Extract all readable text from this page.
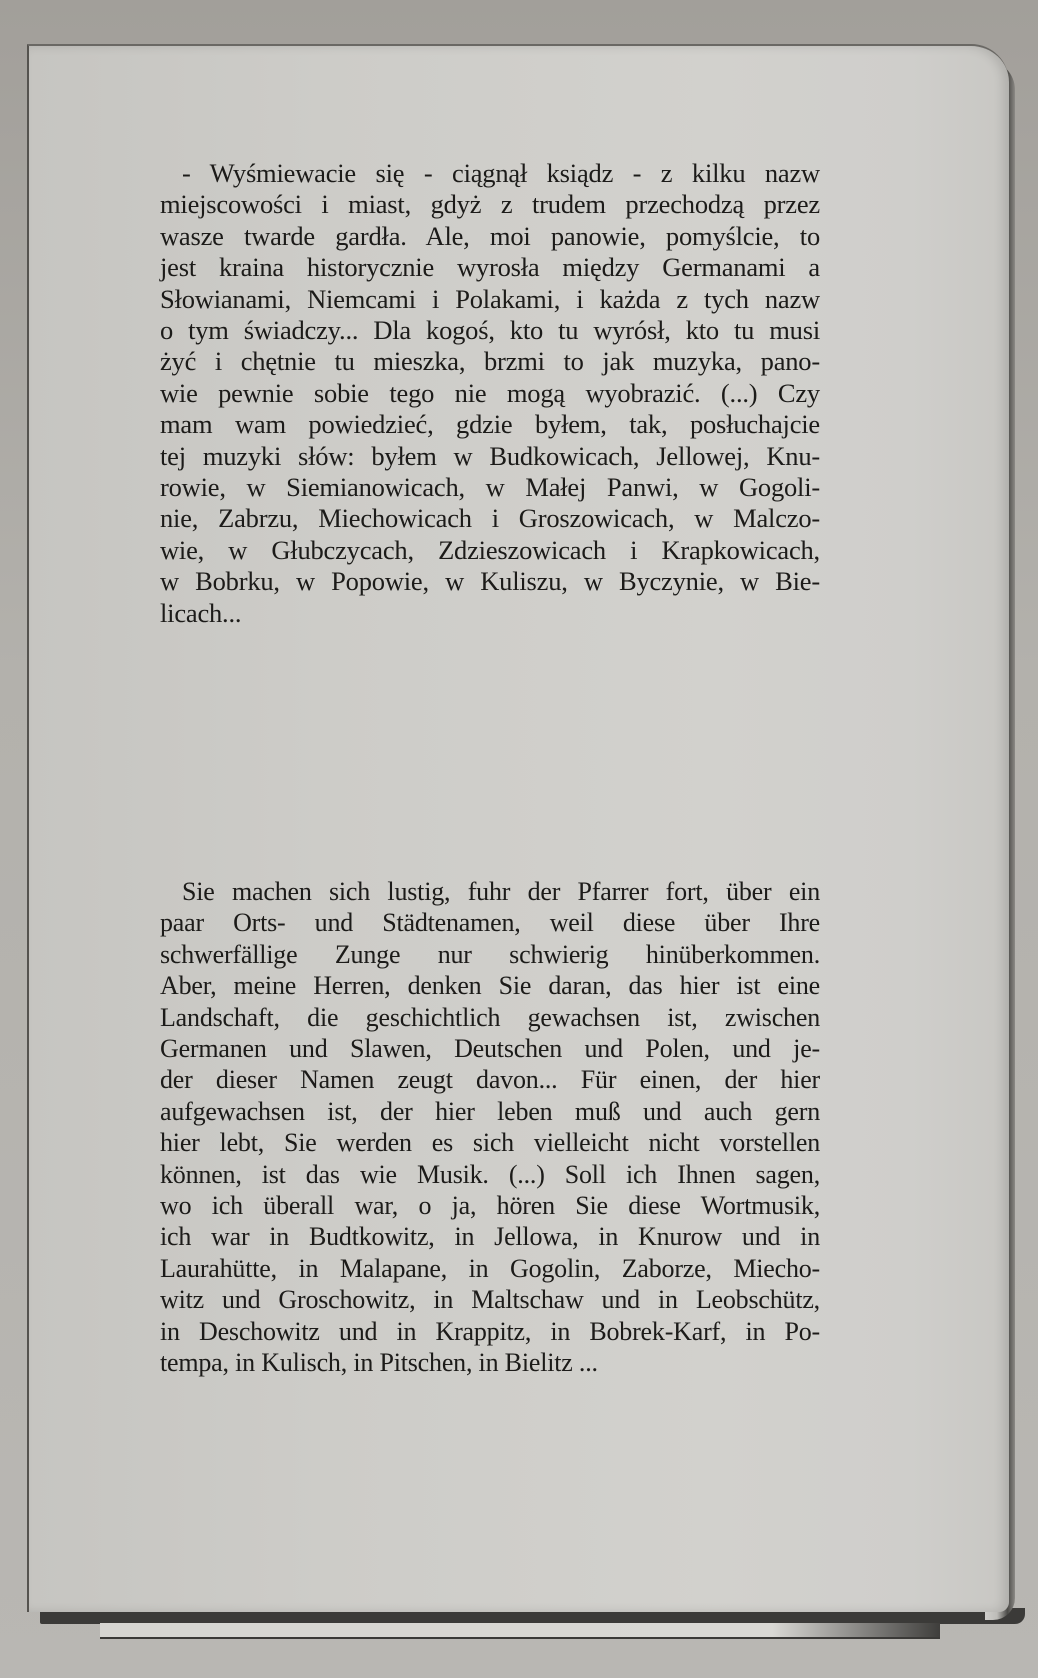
- Wyśmiewacie się - ciągnął ksiądz - z kilku nazw
miejscowości i miast, gdyż z trudem przechodzą przez
wasze twarde gardła. Ale, moi panowie, pomyślcie, to
jest kraina historycznie wyrosła między Germanami a
Słowianami, Niemcami i Polakami, i każda z tych nazw
o tym świadczy... Dla kogoś, kto tu wyrósł, kto tu musi
żyć i chętnie tu mieszka, brzmi to jak muzyka, pano-
wie pewnie sobie tego nie mogą wyobrazić. (...) Czy
mam wam powiedzieć, gdzie byłem, tak, posłuchajcie
tej muzyki słów: byłem w Budkowicach, Jellowej, Knu-
rowie, w Siemianowicach, w Małej Panwi, w Gogoli-
nie, Zabrzu, Miechowicach i Groszowicach, w Malczo-
wie, w Głubczycach, Zdzieszowicach i Krapkowicach,
w Bobrku, w Popowie, w Kuliszu, w Byczynie, w Bie-
licach...
Sie machen sich lustig, fuhr der Pfarrer fort, über ein
paar Orts- und Städtenamen, weil diese über Ihre
schwerfällige Zunge nur schwierig hinüberkommen.
Aber, meine Herren, denken Sie daran, das hier ist eine
Landschaft, die geschichtlich gewachsen ist, zwischen
Germanen und Slawen, Deutschen und Polen, und je-
der dieser Namen zeugt davon... Für einen, der hier
aufgewachsen ist, der hier leben muß und auch gern
hier lebt, Sie werden es sich vielleicht nicht vorstellen
können, ist das wie Musik. (...) Soll ich Ihnen sagen,
wo ich überall war, o ja, hören Sie diese Wortmusik,
ich war in Budtkowitz, in Jellowa, in Knurow und in
Laurahütte, in Malapane, in Gogolin, Zaborze, Miecho-
witz und Groschowitz, in Maltschaw und in Leobschütz,
in Deschowitz und in Krappitz, in Bobrek-Karf, in Po-
tempa, in Kulisch, in Pitschen, in Bielitz ...
